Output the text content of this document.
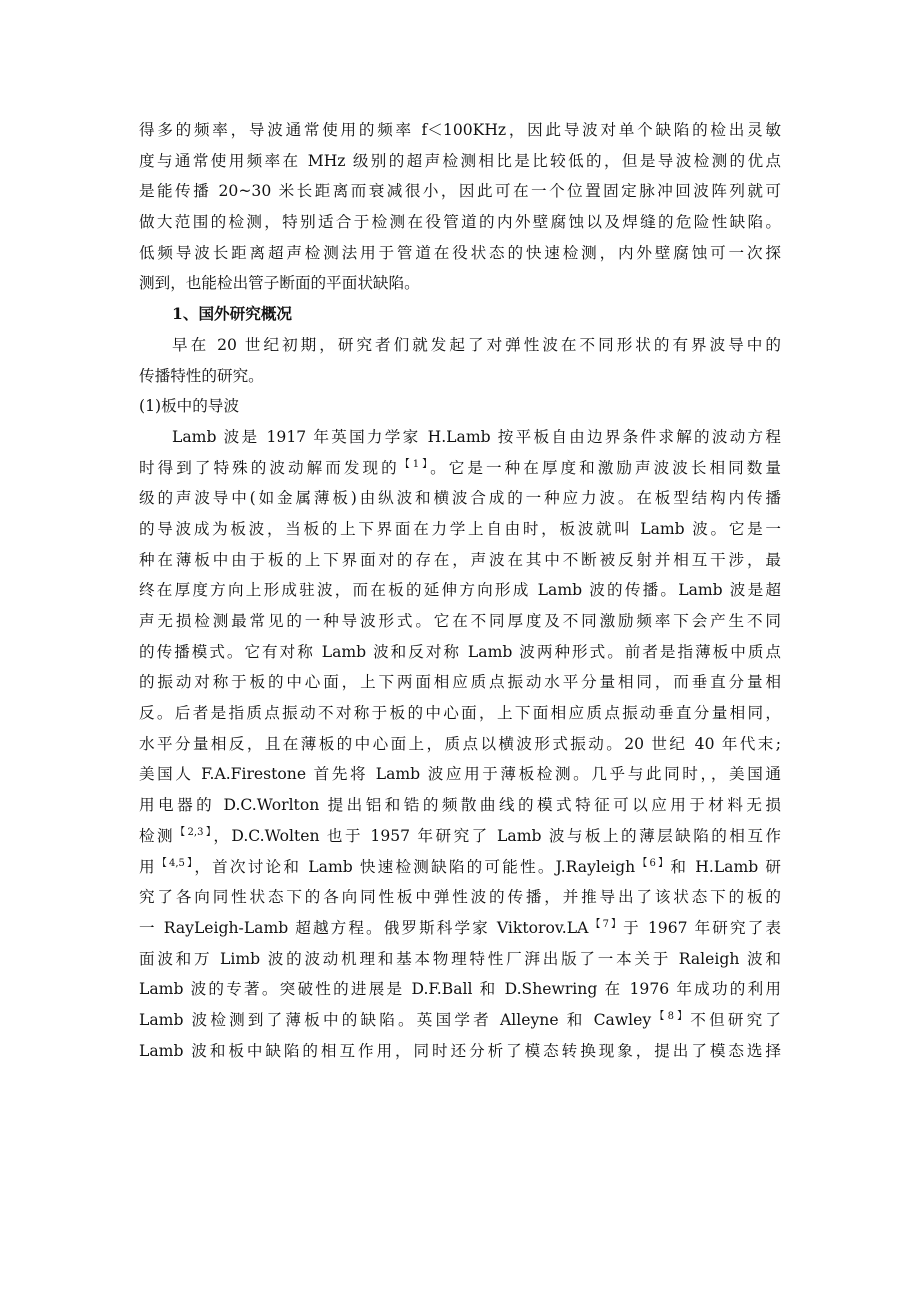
得多的频率，导波通常使用的频率 f＜100KHz，因此导波对单个缺陷的检出灵敏
度与通常使用频率在 MHz 级别的超声检测相比是比较低的，但是导波检测的优点
是能传播 20~30 米长距离而衰减很小，因此可在一个位置固定脉冲回波阵列就可
做大范围的检测，特别适合于检测在役管道的内外壁腐蚀以及焊缝的危险性缺陷。
低频导波长距离超声检测法用于管道在役状态的快速检测，内外壁腐蚀可一次探
测到，也能检出管子断面的平面状缺陷。
1、国外研究概况
早在 20 世纪初期，研究者们就发起了对弹性波在不同形状的有界波导中的
传播特性的研究。
(1)板中的导波
Lamb 波是 1917 年英国力学家 H.Lamb 按平板自由边界条件求解的波动方程
时得到了特殊的波动解而发现的$^{【1】}$。它是一种在厚度和激励声波波长相同数量
级的声波导中(如金属薄板)由纵波和横波合成的一种应力波。在板型结构内传播
的导波成为板波，当板的上下界面在力学上自由时，板波就叫 Lamb 波。它是一
种在薄板中由于板的上下界面对的存在，声波在其中不断被反射并相互干涉，最
终在厚度方向上形成驻波，而在板的延伸方向形成 Lamb 波的传播。Lamb 波是超
声无损检测最常见的一种导波形式。它在不同厚度及不同激励频率下会产生不同
的传播模式。它有对称 Lamb 波和反对称 Lamb 波两种形式。前者是指薄板中质点
的振动对称于板的中心面，上下两面相应质点振动水平分量相同，而垂直分量相
反。后者是指质点振动不对称于板的中心面，上下面相应质点振动垂直分量相同，
水平分量相反，且在薄板的中心面上，质点以横波形式振动。20 世纪 40 年代末;
美国人 F.A.Firestone 首先将 Lamb 波应用于薄板检测。几乎与此同时，，美国通
用电器的 D.C.Worlton 提出铝和锆的频散曲线的模式特征可以应用于材料无损
检测$^{【2,3】}$，D.C.Wolten 也于 1957 年研究了 Lamb 波与板上的薄层缺陷的相互作
用$^{【4,5】}$，首次讨论和 Lamb 快速检测缺陷的可能性。J.Rayleigh$^{【6】}$和 H.Lamb 研
究了各向同性状态下的各向同性板中弹性波的传播，并推导出了该状态下的板的
一 RayLeigh-Lamb 超越方程。俄罗斯科学家 $Viktorov.LA^{【7】}$于 1967 年研究了表
面波和万 Limb 波的波动机理和基本物理特性厂湃出版了一本关于 Raleigh 波和
Lamb 波的专著。突破性的进展是 D.F.Ball 和 D.Shewring 在 1976 年成功的利用
Lamb 波检测到了薄板中的缺陷。英国学者 Alleyne 和 Cawley$^{【8】}$不但研究了
Lamb 波和板中缺陷的相互作用，同时还分析了模态转换现象，提出了模态选择
